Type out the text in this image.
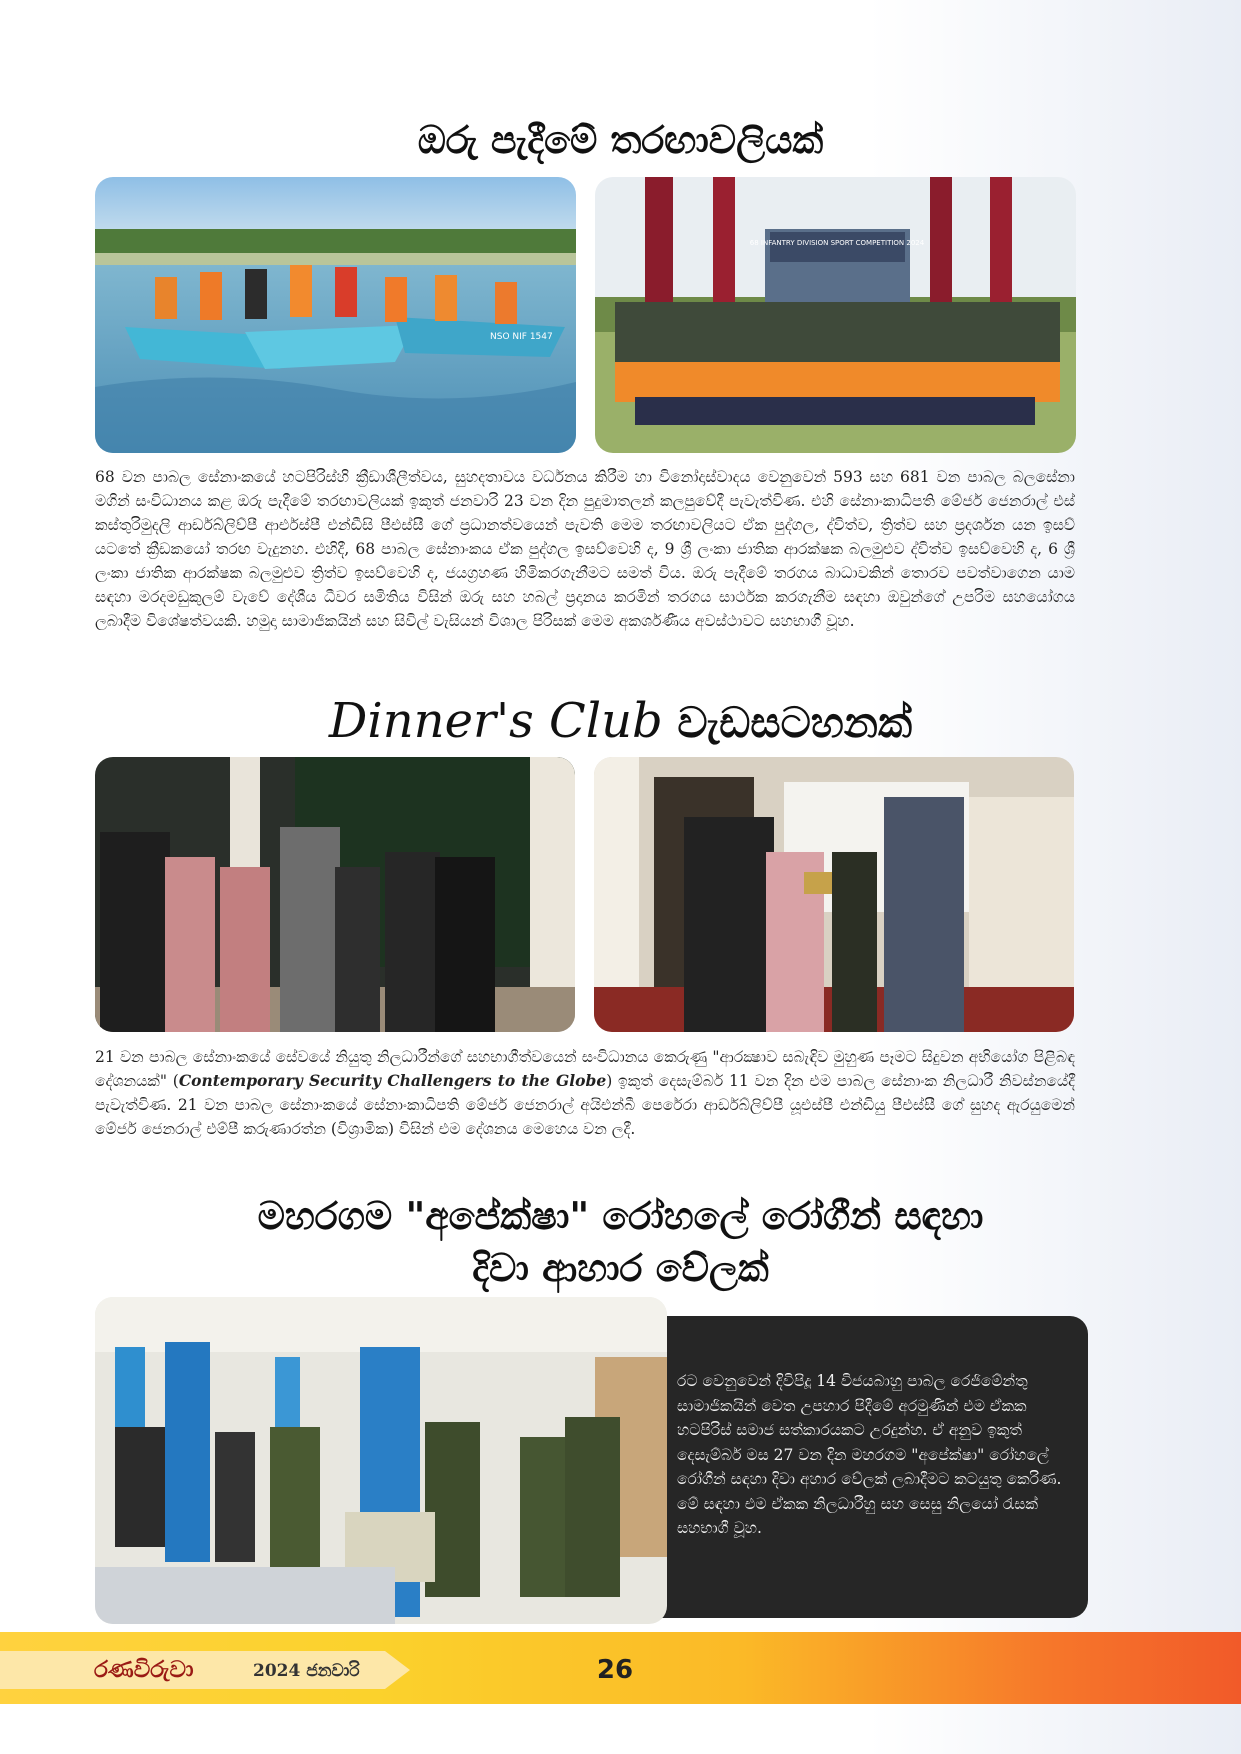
ඔරු පැදීමේ තරඟාවලියක්
NSO NIF 1547
68 INFANTRY DIVISION SPORT COMPETITION 2024

68 වන පාබල සේනාංකයේ හටපිරිස්හි ක්‍රීඩාශීලීත්වය, සුහදතාවය වර්ධනය කිරීම හා විනෝදාස්වාදය වෙනුවෙන් 593 සහ 681 වන පාබල බලසේනා මගින් සංවිධානය කළ ඔරු පැදීමේ තරඟාවලියක් ඉකුත් ජනවාරි 23 වන දින පුදුමාතලන් කලපුවේදී පැවැත්විණ. එහි සේනාංකාධිපති මේජර් ජෙනරාල් එස් කස්තුරිමුදලි ආර්ඩබ්ලිව්පී ආර්එස්පී එන්ඩීසි පීඑස්සී ගේ ප්‍රධානත්වයෙන් පැවති මෙම තරඟාවලියට ඒක පුද්ගල, ද්විත්ව, ත්‍රිත්ව සහ ප්‍රදර්ශන යන ඉසව් යටතේ ක්‍රීඩකයෝ තරඟ වැදුනහ. එහිදී, 68 පාබල සේනාංකය ඒක පුද්ගල ඉසව්වෙහි ද, 9 ශ්‍රී ලංකා ජාතික ආරක්ෂක බලමුළුව ද්විත්ව ඉසව්වෙහි ද, 6 ශ්‍රී ලංකා ජාතික ආරක්ෂක බලමුළුව ත්‍රිත්ව ඉසව්වෙහි ද, ජයග්‍රහණ හිමිකරගැනීමට සමත් විය. ඔරු පැදීමේ තරගය බාධාවකින් තොරව පවත්වාගෙන යාම සඳහා මරදමඩුකුලම් වැවේ දේශීය ධීවර සමිතිය විසින් ඔරු සහ හබල් ප්‍රදානය කරමින් තරගය සාර්ථක කරගැනීම සඳහා ඔවුන්ගේ උපරිම සහයෝගය ලබාදීම විශේෂත්වයකි. හමුදා සාමාජිකයින් සහ සිවිල් වැසියන් විශාල පිරිසක් මෙම අකර්ශණීය අවස්ථාවට සහභාගී වූහ.

Dinner's Club වැඩසටහනක්

21 වන පාබල සේනාංකයේ සේවයේ නියුතු නිලධාරීන්ගේ සහභාගීත්වයෙන් සංවිධානය කෙරුණු "ආරක්‍ෂාව සබැඳිව මුහුණ පෑමට සිදුවන අභියෝග පිළිබඳ දේශනයක්" (Contemporary Security Challengers to the Globe) ඉකුත් දෙසැම්බර් 11 වන දින එම පාබල සේනාංක නිලධාරී නිවස්නයේදී පැවැත්විණ. 21 වන පාබල සේනාංකයේ සේනාංකාධිපති මේජර් ජෙනරාල් අයිඑන්බී පෙරේරා ආර්ඩබ්ලිව්පී යූඑස්පී එන්ඩියු පීඑස්සී ගේ සුහද ඇරයුමෙන් මේජර් ජෙනරාල් එම්පී කරුණාරත්න (විශ්‍රාමික) විසින් එම දේශනය මෙහෙය වන ලදී.

මහරගම "අපේක්ෂා" රෝහලේ රෝගීන් සඳහා
දිවා ආහාර වේලක්

රට වෙනුවෙන් දිවිපිදූ 14 විජයබාහු පාබල රෙජිමේන්තු සාමාජිකයින් වෙත උපහාර පිදීමේ අරමුණින් එම ඒකක හටපිරිස් සමාජ සත්කාරයකට උරදුන්හ. ඒ අනුව ඉකුත් දෙසැම්බර් මස 27 වන දින මහරගම "අපේක්ෂා" රෝහලේ රෝගීන් සඳහා දිවා අහාර වේලක් ලබාදීමට කටයුතු කෙරිණ. මේ සඳහා එම ඒකක නිලධාරීහු සහ සෙසු නිලයෝ රැසක් සහභාගී වූහ.

රණවිරුවා	2024 ජනවාරි	26
